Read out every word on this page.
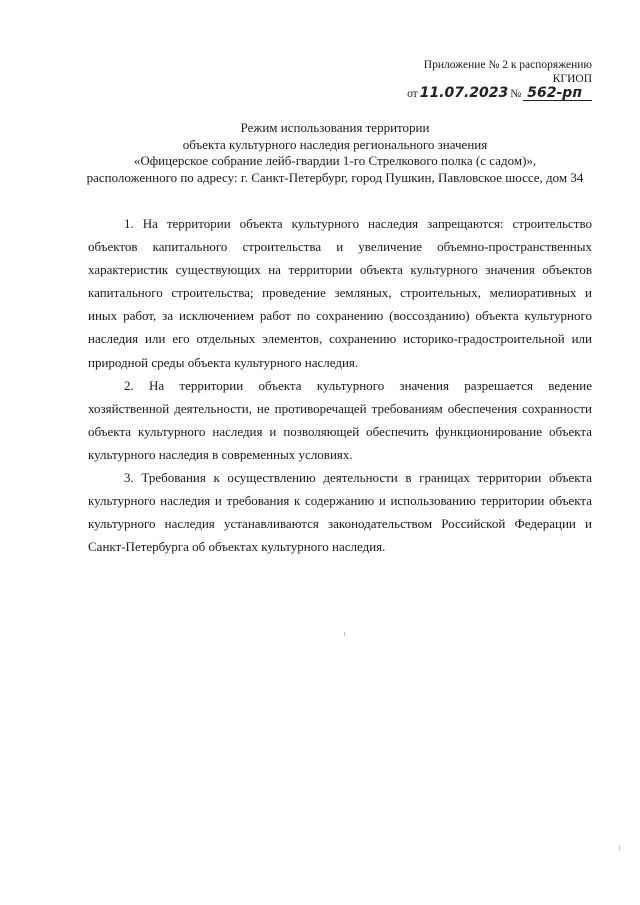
Приложение № 2 к распоряжению КГИОП
от 11.07.2023 № 562-рп
Режим использования территории
объекта культурного наследия регионального значения
«Офицерское собрание лейб-гвардии 1-го Стрелкового полка (с садом)»,
расположенного по адресу: г. Санкт-Петербург, город Пушкин, Павловское шоссе, дом 34

1. На территории объекта культурного наследия запрещаются: строительство объектов капитального строительства и увеличение объемно-пространственных характеристик существующих на территории объекта культурного значения объектов капитального строительства; проведение земляных, строительных, мелиоративных и иных работ, за исключением работ по сохранению (воссозданию) объекта культурного наследия или его отдельных элементов, сохранению историко-градостроительной или природной среды объекта культурного наследия.

2. На территории объекта культурного значения разрешается ведение хозяйственной деятельности, не противоречащей требованиям обеспечения сохранности объекта культурного наследия и позволяющей обеспечить функционирование объекта культурного наследия в современных условиях.

3. Требования к осуществлению деятельности в границах территории объекта культурного наследия и требования к содержанию и использованию территории объекта культурного наследия устанавливаются законодательством Российской Федерации и Санкт-Петербурга об объектах культурного наследия.
